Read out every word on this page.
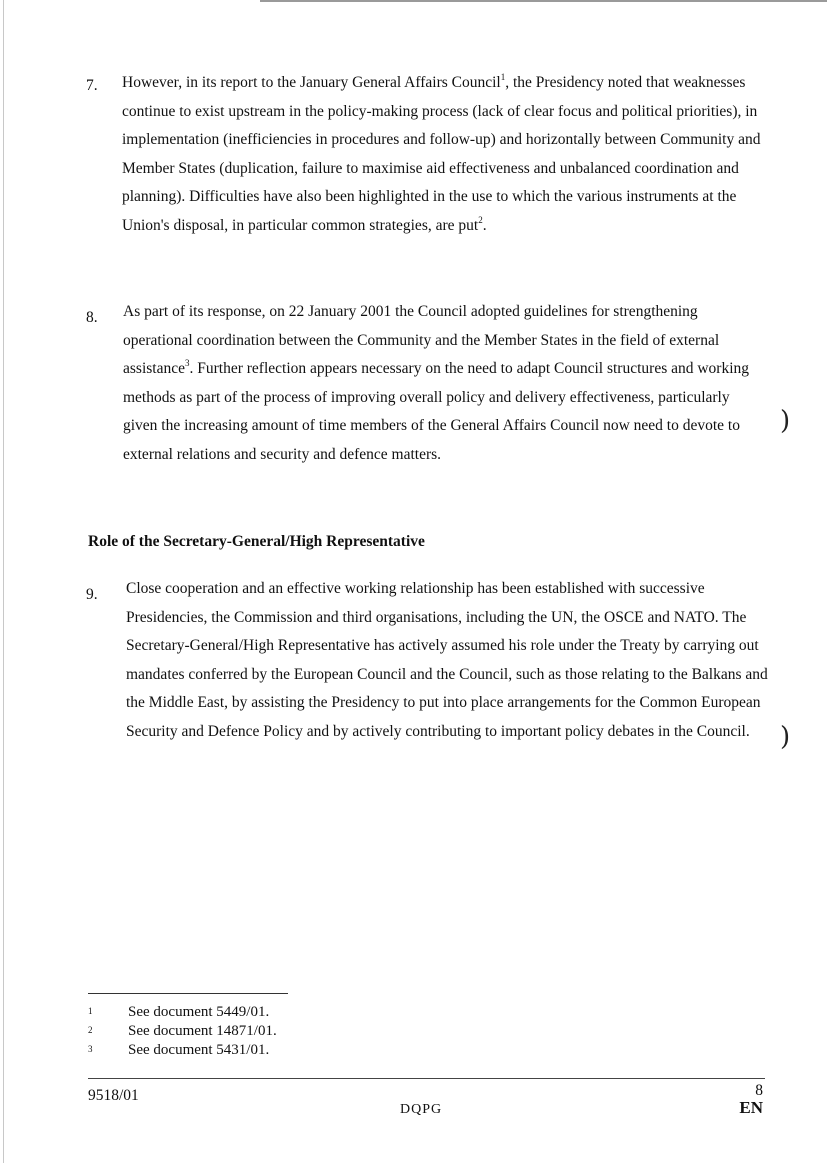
7. However, in its report to the January General Affairs Council$^1$, the Presidency noted that weaknesses continue to exist upstream in the policy-making process (lack of clear focus and political priorities), in implementation (inefficiencies in procedures and follow-up) and horizontally between Community and Member States (duplication, failure to maximise aid effectiveness and unbalanced coordination and planning). Difficulties have also been highlighted in the use to which the various instruments at the Union's disposal, in particular common strategies, are put$^2$.
8. As part of its response, on 22 January 2001 the Council adopted guidelines for strengthening operational coordination between the Community and the Member States in the field of external assistance$^3$. Further reflection appears necessary on the need to adapt Council structures and working methods as part of the process of improving overall policy and delivery effectiveness, particularly given the increasing amount of time members of the General Affairs Council now need to devote to external relations and security and defence matters.
Role of the Secretary-General/High Representative
9. Close cooperation and an effective working relationship has been established with successive Presidencies, the Commission and third organisations, including the UN, the OSCE and NATO. The Secretary-General/High Representative has actively assumed his role under the Treaty by carrying out mandates conferred by the European Council and the Council, such as those relating to the Balkans and the Middle East, by assisting the Presidency to put into place arrangements for the Common European Security and Defence Policy and by actively contributing to important policy debates in the Council.
)
)
1 See document 5449/01.
2 See document 14871/01.
3 See document 5431/01.
9518/01
DQPG
8
EN
